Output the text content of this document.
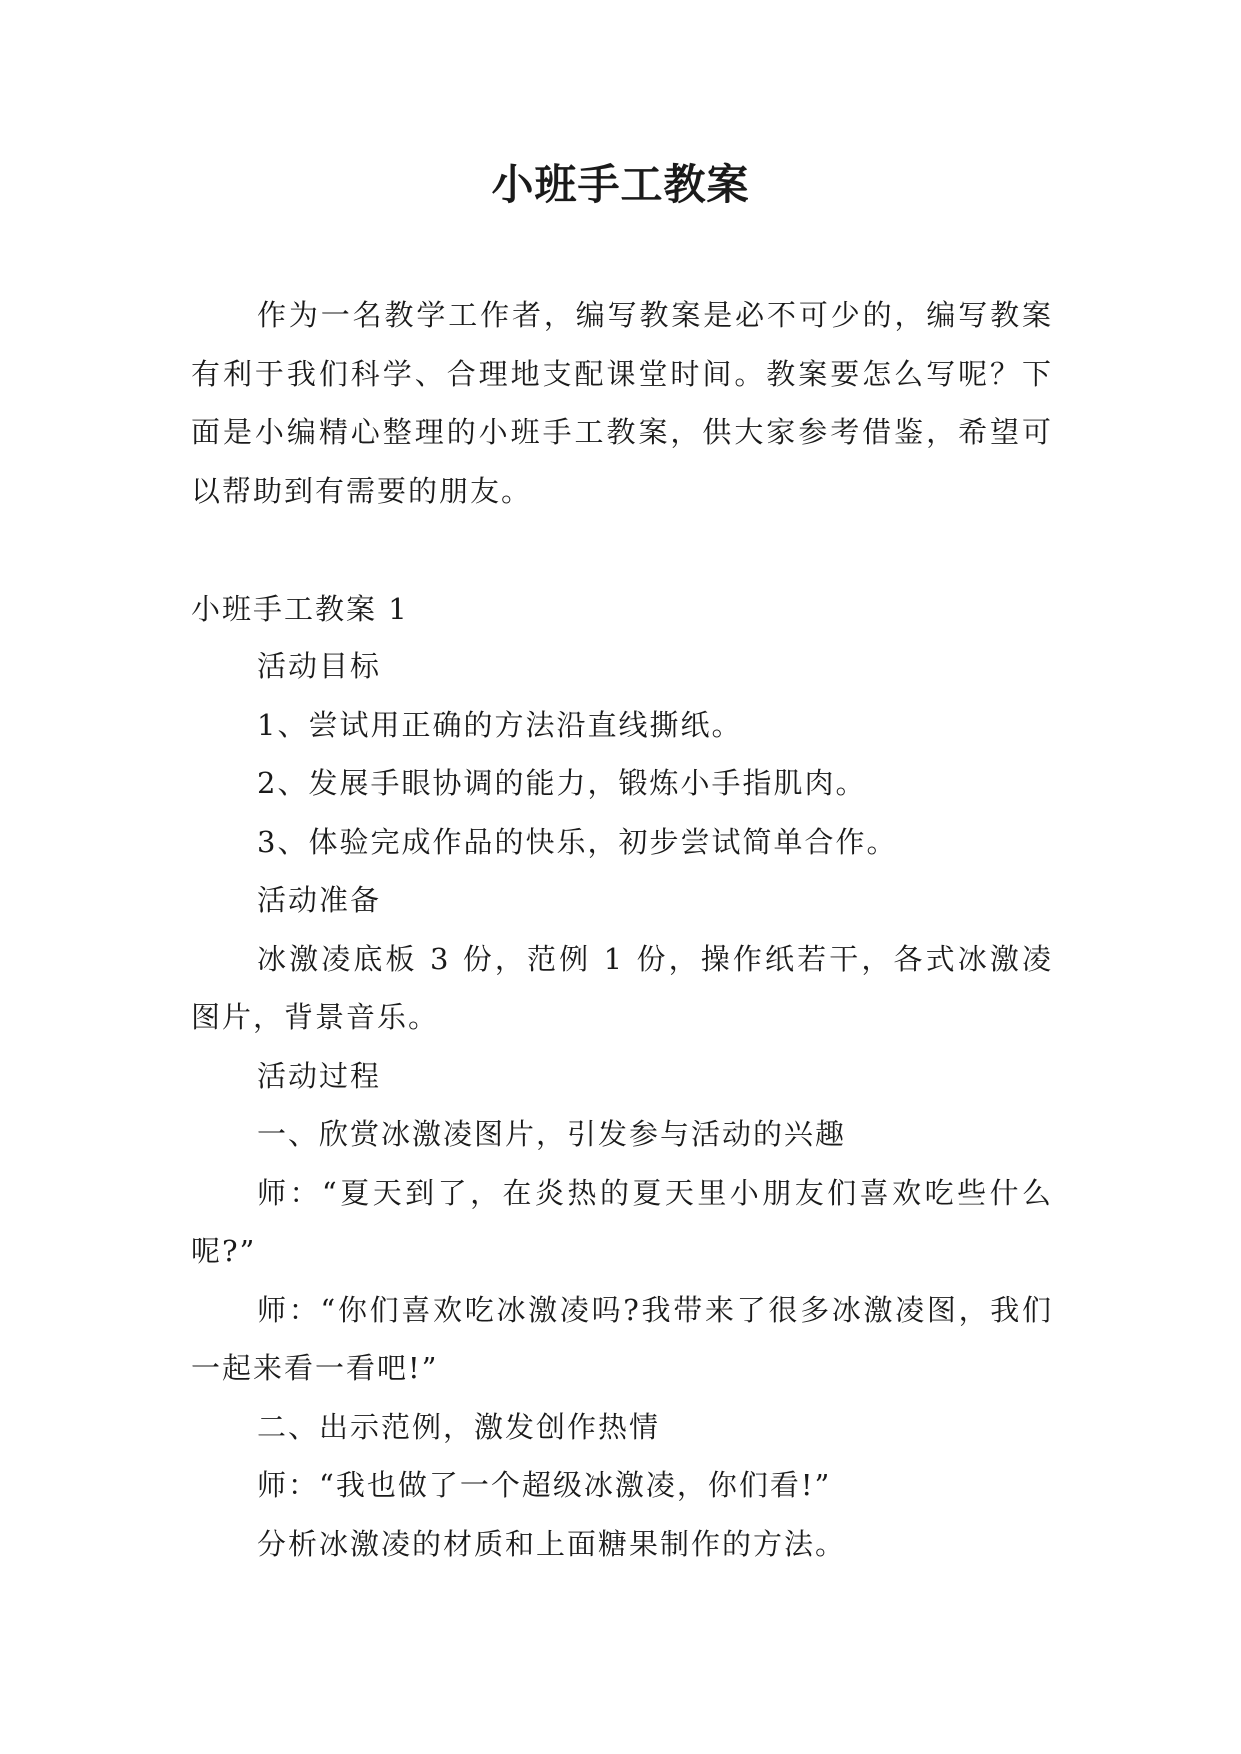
小班手工教案

作为一名教学工作者，编写教案是必不可少的，编写教案有利于我们科学、合理地支配课堂时间。教案要怎么写呢？下面是小编精心整理的小班手工教案，供大家参考借鉴，希望可以帮助到有需要的朋友。

小班手工教案 1

活动目标

1、尝试用正确的方法沿直线撕纸。

2、发展手眼协调的能力，锻炼小手指肌肉。

3、体验完成作品的快乐，初步尝试简单合作。

活动准备

冰激凌底板 3 份，范例 1 份，操作纸若干，各式冰激凌图片，背景音乐。

活动过程

一、欣赏冰激凌图片，引发参与活动的兴趣

师：“夏天到了，在炎热的夏天里小朋友们喜欢吃些什么呢?”

师：“你们喜欢吃冰激凌吗?我带来了很多冰激凌图，我们一起来看一看吧!”

二、出示范例，激发创作热情

师：“我也做了一个超级冰激凌，你们看!”

分析冰激凌的材质和上面糖果制作的方法。
